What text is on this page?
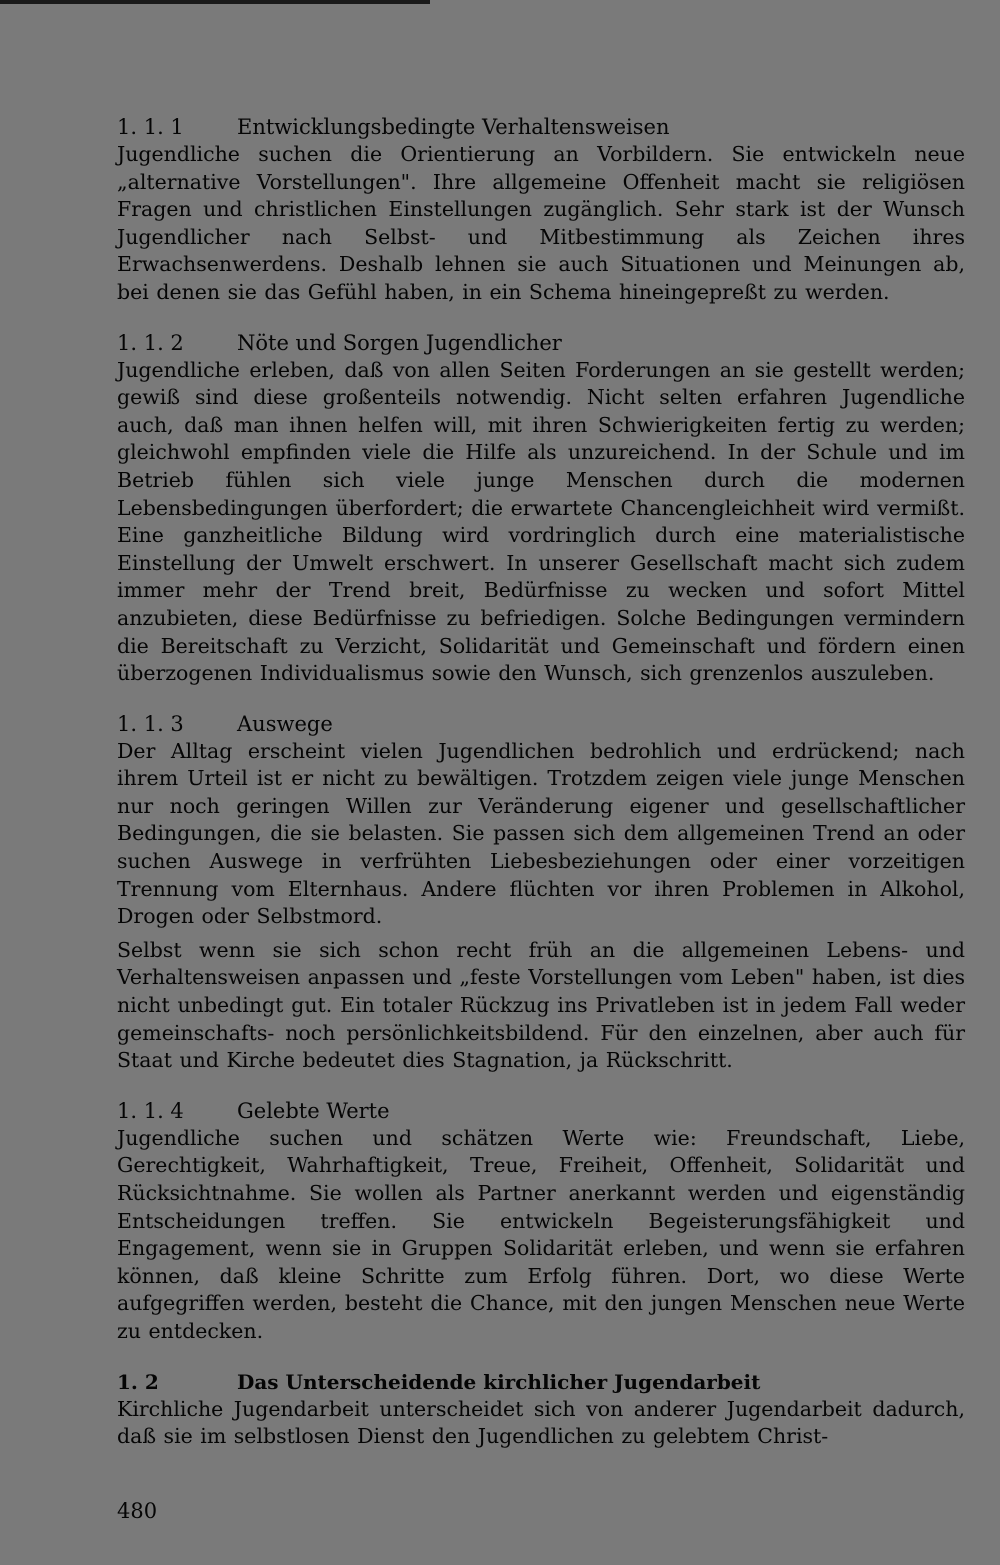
1. 1. 1	Entwicklungsbedingte Verhaltensweisen

Jugendliche suchen die Orientierung an Vorbildern. Sie entwickeln neue „alternative Vorstellungen". Ihre allgemeine Offenheit macht sie religiösen Fragen und christlichen Einstellungen zugänglich. Sehr stark ist der Wunsch Jugendlicher nach Selbst- und Mitbestimmung als Zeichen ihres Erwachsenwerdens. Deshalb lehnen sie auch Situationen und Meinungen ab, bei denen sie das Gefühl haben, in ein Schema hineingepreßt zu werden.

1. 1. 2	Nöte und Sorgen Jugendlicher

Jugendliche erleben, daß von allen Seiten Forderungen an sie gestellt werden; gewiß sind diese großenteils notwendig. Nicht selten erfahren Jugendliche auch, daß man ihnen helfen will, mit ihren Schwierigkeiten fertig zu werden; gleichwohl empfinden viele die Hilfe als unzureichend. In der Schule und im Betrieb fühlen sich viele junge Menschen durch die modernen Lebensbedingungen überfordert; die erwartete Chancengleichheit wird vermißt. Eine ganzheitliche Bildung wird vordringlich durch eine materialistische Einstellung der Umwelt erschwert. In unserer Gesellschaft macht sich zudem immer mehr der Trend breit, Bedürfnisse zu wecken und sofort Mittel anzubieten, diese Bedürfnisse zu befriedigen. Solche Bedingungen vermindern die Bereitschaft zu Verzicht, Solidarität und Gemeinschaft und fördern einen überzogenen Individualismus sowie den Wunsch, sich grenzenlos auszuleben.

1. 1. 3	Auswege

Der Alltag erscheint vielen Jugendlichen bedrohlich und erdrückend; nach ihrem Urteil ist er nicht zu bewältigen. Trotzdem zeigen viele junge Menschen nur noch geringen Willen zur Veränderung eigener und gesellschaftlicher Bedingungen, die sie belasten. Sie passen sich dem allgemeinen Trend an oder suchen Auswege in verfrühten Liebesbeziehungen oder einer vorzeitigen Trennung vom Elternhaus. Andere flüchten vor ihren Problemen in Alkohol, Drogen oder Selbstmord.

Selbst wenn sie sich schon recht früh an die allgemeinen Lebens- und Verhaltensweisen anpassen und „feste Vorstellungen vom Leben" haben, ist dies nicht unbedingt gut. Ein totaler Rückzug ins Privatleben ist in jedem Fall weder gemeinschafts- noch persönlichkeitsbildend. Für den einzelnen, aber auch für Staat und Kirche bedeutet dies Stagnation, ja Rückschritt.

1. 1. 4	Gelebte Werte

Jugendliche suchen und schätzen Werte wie: Freundschaft, Liebe, Gerechtigkeit, Wahrhaftigkeit, Treue, Freiheit, Offenheit, Solidarität und Rücksichtnahme. Sie wollen als Partner anerkannt werden und eigenständig Entscheidungen treffen. Sie entwickeln Begeisterungsfähigkeit und Engagement, wenn sie in Gruppen Solidarität erleben, und wenn sie erfahren können, daß kleine Schritte zum Erfolg führen. Dort, wo diese Werte aufgegriffen werden, besteht die Chance, mit den jungen Menschen neue Werte zu entdecken.

1. 2	Das Unterscheidende kirchlicher Jugendarbeit

Kirchliche Jugendarbeit unterscheidet sich von anderer Jugendarbeit dadurch, daß sie im selbstlosen Dienst den Jugendlichen zu gelebtem Christ-

480
